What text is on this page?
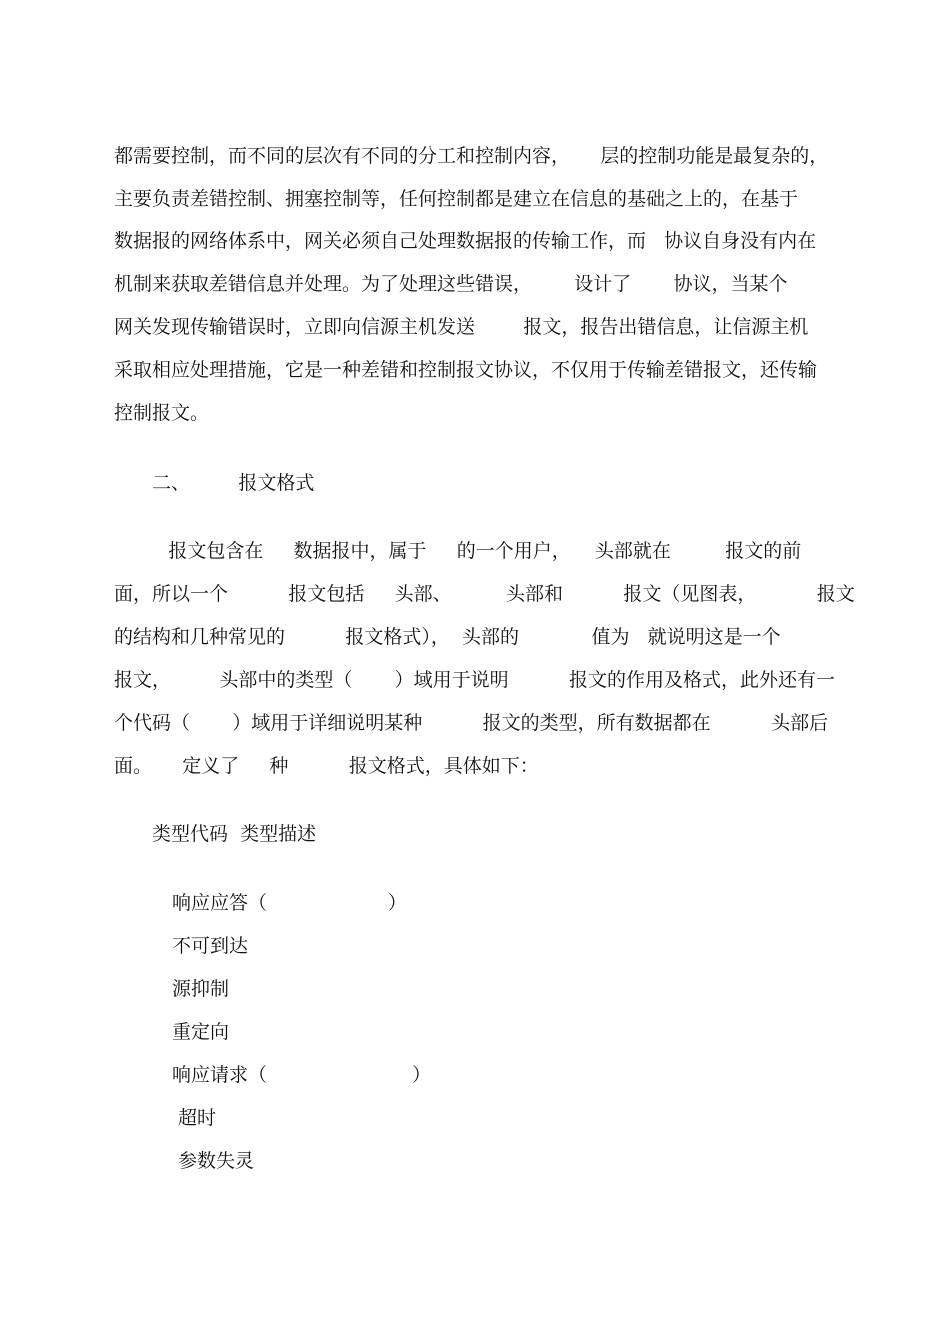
都需要控制，而不同的层次有不同的分工和控制内容，     层的控制功能是最复杂的，
主要负责差错控制、拥塞控制等，任何控制都是建立在信息的基础之上的，在基于
数据报的网络体系中，网关必须自己处理数据报的传输工作，而   协议自身没有内在
机制来获取差错信息并处理。为了处理这些错误，       设计了       协议，当某个
网关发现传输错误时，立即向信源主机发送        报文，报告出错信息，让信源主机
采取相应处理措施，它是一种差错和控制报文协议，不仅用于传输差错报文，还传输
控制报文。
二、        报文格式
报文包含在     数据报中，属于     的一个用户，    头部就在         报文的前
面，所以一个          报文包括     头部、         头部和          报文（见图表，          报文
的结构和几种常见的          报文格式），  头部的            值为   就说明这是一个
报文，        头部中的类型（       ）域用于说明          报文的作用及格式，此外还有一
个代码（       ）域用于详细说明某种          报文的类型，所有数据都在          头部后
面。     定义了     种          报文格式，具体如下：
类型代码  类型描述
响应应答（                    ）
不可到达
源抑制
重定向
响应请求（                        ）
超时
参数失灵
